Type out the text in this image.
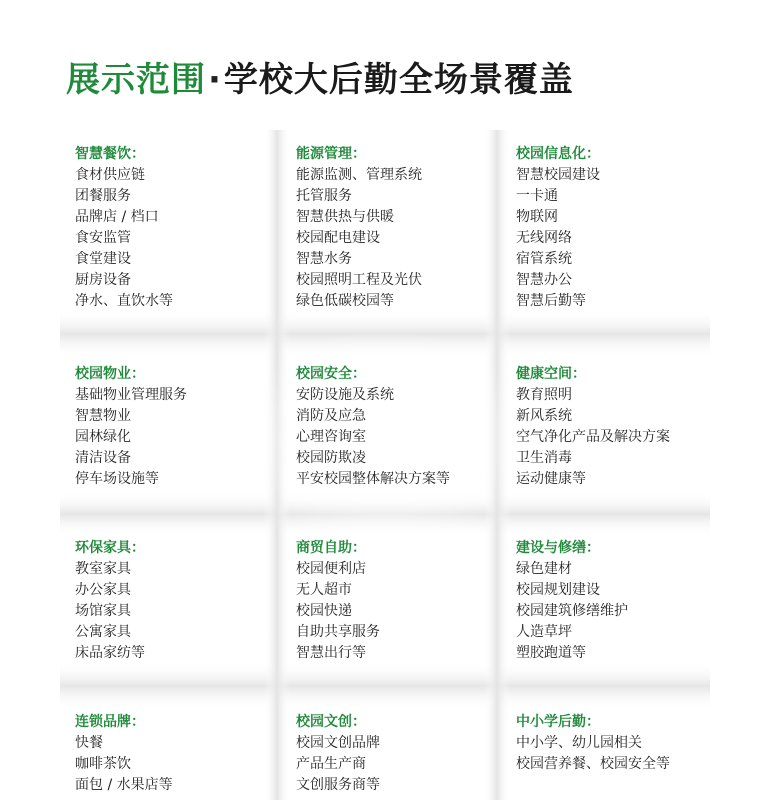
展示范围·学校大后勤全场景覆盖
智慧餐饮：
食材供应链
团餐服务
品牌店 / 档口
食安监管
食堂建设
厨房设备
净水、直饮水等
能源管理：
能源监测、管理系统
托管服务
智慧供热与供暖
校园配电建设
智慧水务
校园照明工程及光伏
绿色低碳校园等
校园信息化：
智慧校园建设
一卡通
物联网
无线网络
宿管系统
智慧办公
智慧后勤等
校园物业：
基础物业管理服务
智慧物业
园林绿化
清洁设备
停车场设施等
校园安全：
安防设施及系统
消防及应急
心理咨询室
校园防欺凌
平安校园整体解决方案等
健康空间：
教育照明
新风系统
空气净化产品及解决方案
卫生消毒
运动健康等
环保家具：
教室家具
办公家具
场馆家具
公寓家具
床品家纺等
商贸自助：
校园便利店
无人超市
校园快递
自助共享服务
智慧出行等
建设与修缮：
绿色建材
校园规划建设
校园建筑修缮维护
人造草坪
塑胶跑道等
连锁品牌：
快餐
咖啡茶饮
面包 / 水果店等
校园文创：
校园文创品牌
产品生产商
文创服务商等
中小学后勤：
中小学、幼儿园相关
校园营养餐、校园安全等
